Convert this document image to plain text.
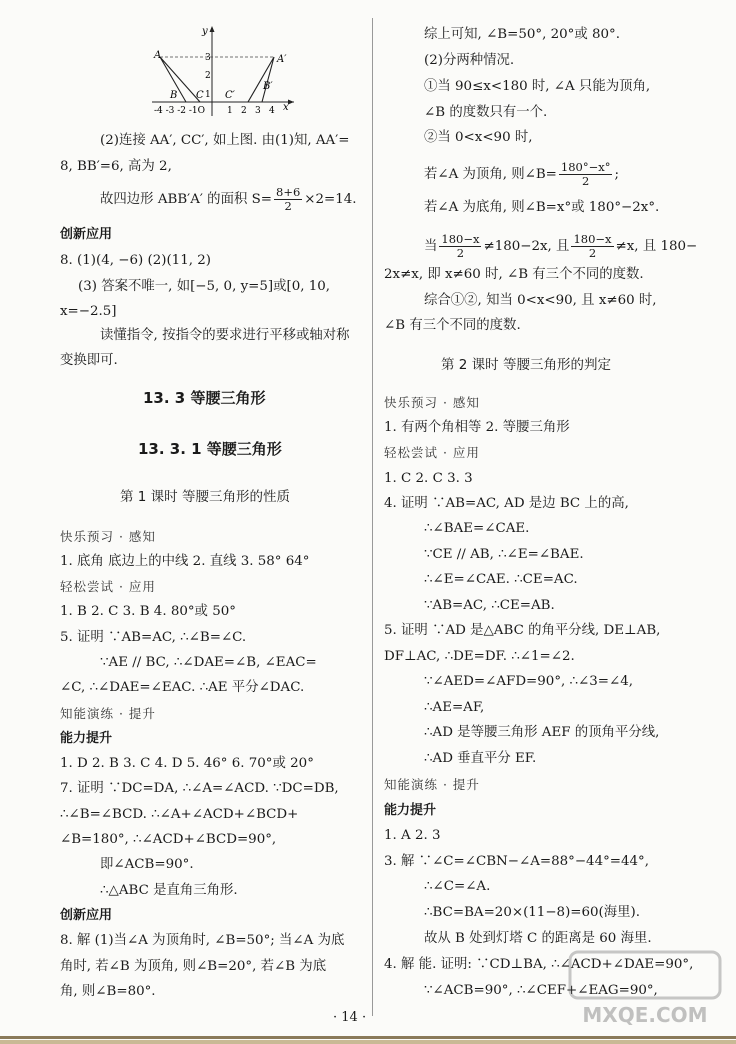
x
y
A	A′
B C C′
B′
3
2
1
-4 -3 -2 -1O 1 2 3 4
(2)连接 AA′, CC′, 如上图. 由(1)知, AA′=
8, BB′=6, 高为 2,
故四边形 ABB′A′ 的面积 $S= \frac{8+6}{2} \times 2=14$.
创新应用
8. (1)(4, −6) (2)(11, 2)
(3) 答案不唯一, 如[−5, 0, y=5]或[0, 10,
x=−2.5]
读懂指令, 按指令的要求进行平移或轴对称
变换即可.
13. 3 等腰三角形
13. 3. 1 等腰三角形
第 1 课时 等腰三角形的性质
快乐预习 · 感知
1. 底角 底边上的中线 2. 直线 3. 58° 64°
轻松尝试 · 应用
1. B 2. C 3. B 4. 80°或 50°
5. 证明 ∵AB=AC, ∴∠B=∠C.
∵AE // BC, ∴∠DAE=∠B, ∠EAC=
∠C, ∴∠DAE=∠EAC. ∴AE 平分∠DAC.
知能演练 · 提升
能力提升
1. D 2. B 3. C 4. D 5. 46° 6. 70°或 20°
7. 证明 ∵DC=DA, ∴∠A=∠ACD. ∵DC=DB,
∴∠B=∠BCD. ∴∠A+∠ACD+∠BCD+
∠B=180°, ∴∠ACD+∠BCD=90°,
即∠ACB=90°.
∴△ABC 是直角三角形.
创新应用
8. 解 (1)当∠A 为顶角时, ∠B=50°; 当∠A 为底
角时, 若∠B 为顶角, 则∠B=20°, 若∠B 为底
角, 则∠B=80°.
综上可知, ∠B=50°, 20°或 80°.
(2)分两种情况.
①当 90≤x<180 时, ∠A 只能为顶角,
∠B 的度数只有一个.
②当 0<x<90 时,
若∠A 为顶角, 则∠B= $\frac{180^\circ-x^\circ}{2}$ ;
若∠A 为底角, 则∠B=x°或 180°−2x°.
当 $\frac{180-x}{2} \ne 180-2x$, 且 $\frac{180-x}{2} \ne x$, 且 180−
2x≠x, 即 x≠60 时, ∠B 有三个不同的度数.
综合①②, 知当 0<x<90, 且 x≠60 时,
∠B 有三个不同的度数.
第 2 课时 等腰三角形的判定
快乐预习 · 感知
1. 有两个角相等 2. 等腰三角形
轻松尝试 · 应用
1. C 2. C 3. 3
4. 证明 ∵AB=AC, AD 是边 BC 上的高,
∴∠BAE=∠CAE.
∵CE // AB, ∴∠E=∠BAE.
∴∠E=∠CAE. ∴CE=AC.
∵AB=AC, ∴CE=AB.
5. 证明 ∵AD 是△ABC 的角平分线, DE⊥AB,
DF⊥AC, ∴DE=DF. ∴∠1=∠2.
∵∠AED=∠AFD=90°, ∴∠3=∠4,
∴AE=AF,
∴AD 是等腰三角形 AEF 的顶角平分线,
∴AD 垂直平分 EF.
知能演练 · 提升
能力提升
1. A 2. 3
3. 解 ∵∠C=∠CBN−∠A=88°−44°=44°,
∴∠C=∠A.
∴BC=BA=20×(11−8)=60(海里).
故从 B 处到灯塔 C 的距离是 60 海里.
4. 解 能. 证明: ∵CD⊥BA, ∴∠ACD+∠DAE=90°,
∵∠ACB=90°, ∴∠CEF+∠EAG=90°,
MXQE.COM
· 14 ·
